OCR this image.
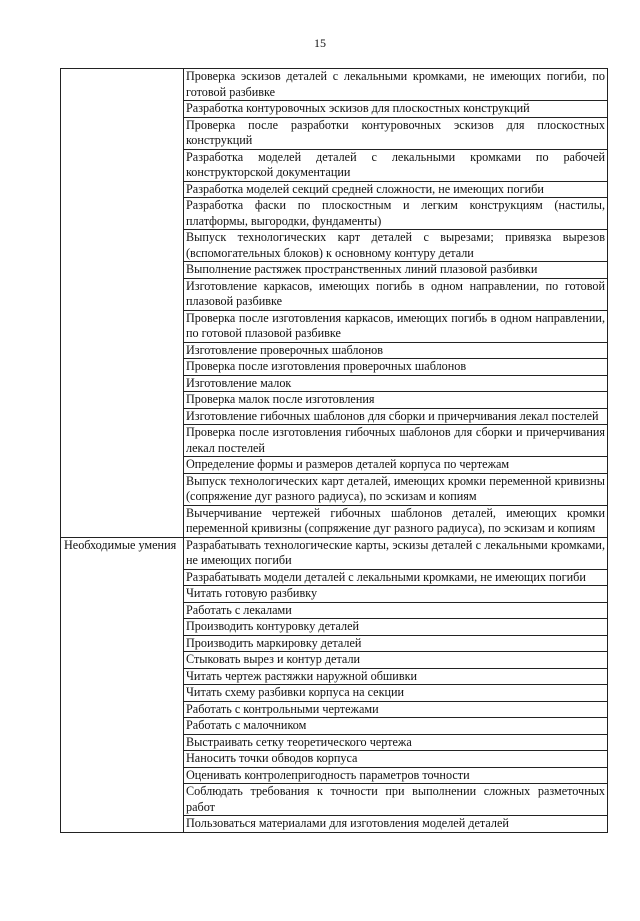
15
	Проверка эскизов деталей с лекальными кромками, не имеющих погиби, по готовой разбивке
	Разработка контуровочных эскизов для плоскостных конструкций
	Проверка после разработки контуровочных эскизов для плоскостных конструкций
	Разработка моделей деталей с лекальными кромками по рабочей конструкторской документации
	Разработка моделей секций средней сложности, не имеющих погиби
	Разработка фаски по плоскостным и легким конструкциям (настилы, платформы, выгородки, фундаменты)
	Выпуск технологических карт деталей с вырезами; привязка вырезов (вспомогательных блоков) к основному контуру детали
	Выполнение растяжек пространственных линий плазовой разбивки
	Изготовление каркасов, имеющих погибь в одном направлении, по готовой плазовой разбивке
	Проверка после изготовления каркасов, имеющих погибь в одном направлении, по готовой плазовой разбивке
	Изготовление проверочных шаблонов
	Проверка после изготовления проверочных шаблонов
	Изготовление малок
	Проверка малок после изготовления
	Изготовление гибочных шаблонов для сборки и причерчивания лекал постелей
	Проверка после изготовления гибочных шаблонов для сборки и причерчивания лекал постелей
	Определение формы и размеров деталей корпуса по чертежам
	Выпуск технологических карт деталей, имеющих кромки переменной кривизны (сопряжение дуг разного радиуса), по эскизам и копиям
	Вычерчивание чертежей гибочных шаблонов деталей, имеющих кромки переменной кривизны (сопряжение дуг разного радиуса), по эскизам и копиям
Необходимые умения	Разрабатывать технологические карты, эскизы деталей с лекальными кромками, не имеющих погиби
	Разрабатывать модели деталей с лекальными кромками, не имеющих погиби
	Читать готовую разбивку
	Работать с лекалами
	Производить контуровку деталей
	Производить маркировку деталей
	Стыковать вырез и контур детали
	Читать чертеж растяжки наружной обшивки
	Читать схему разбивки корпуса на секции
	Работать с контрольными чертежами
	Работать с малочником
	Выстраивать сетку теоретического чертежа
	Наносить точки обводов корпуса
	Оценивать контролепригодность параметров точности
	Соблюдать требования к точности при выполнении сложных разметочных работ
	Пользоваться материалами для изготовления моделей деталей
